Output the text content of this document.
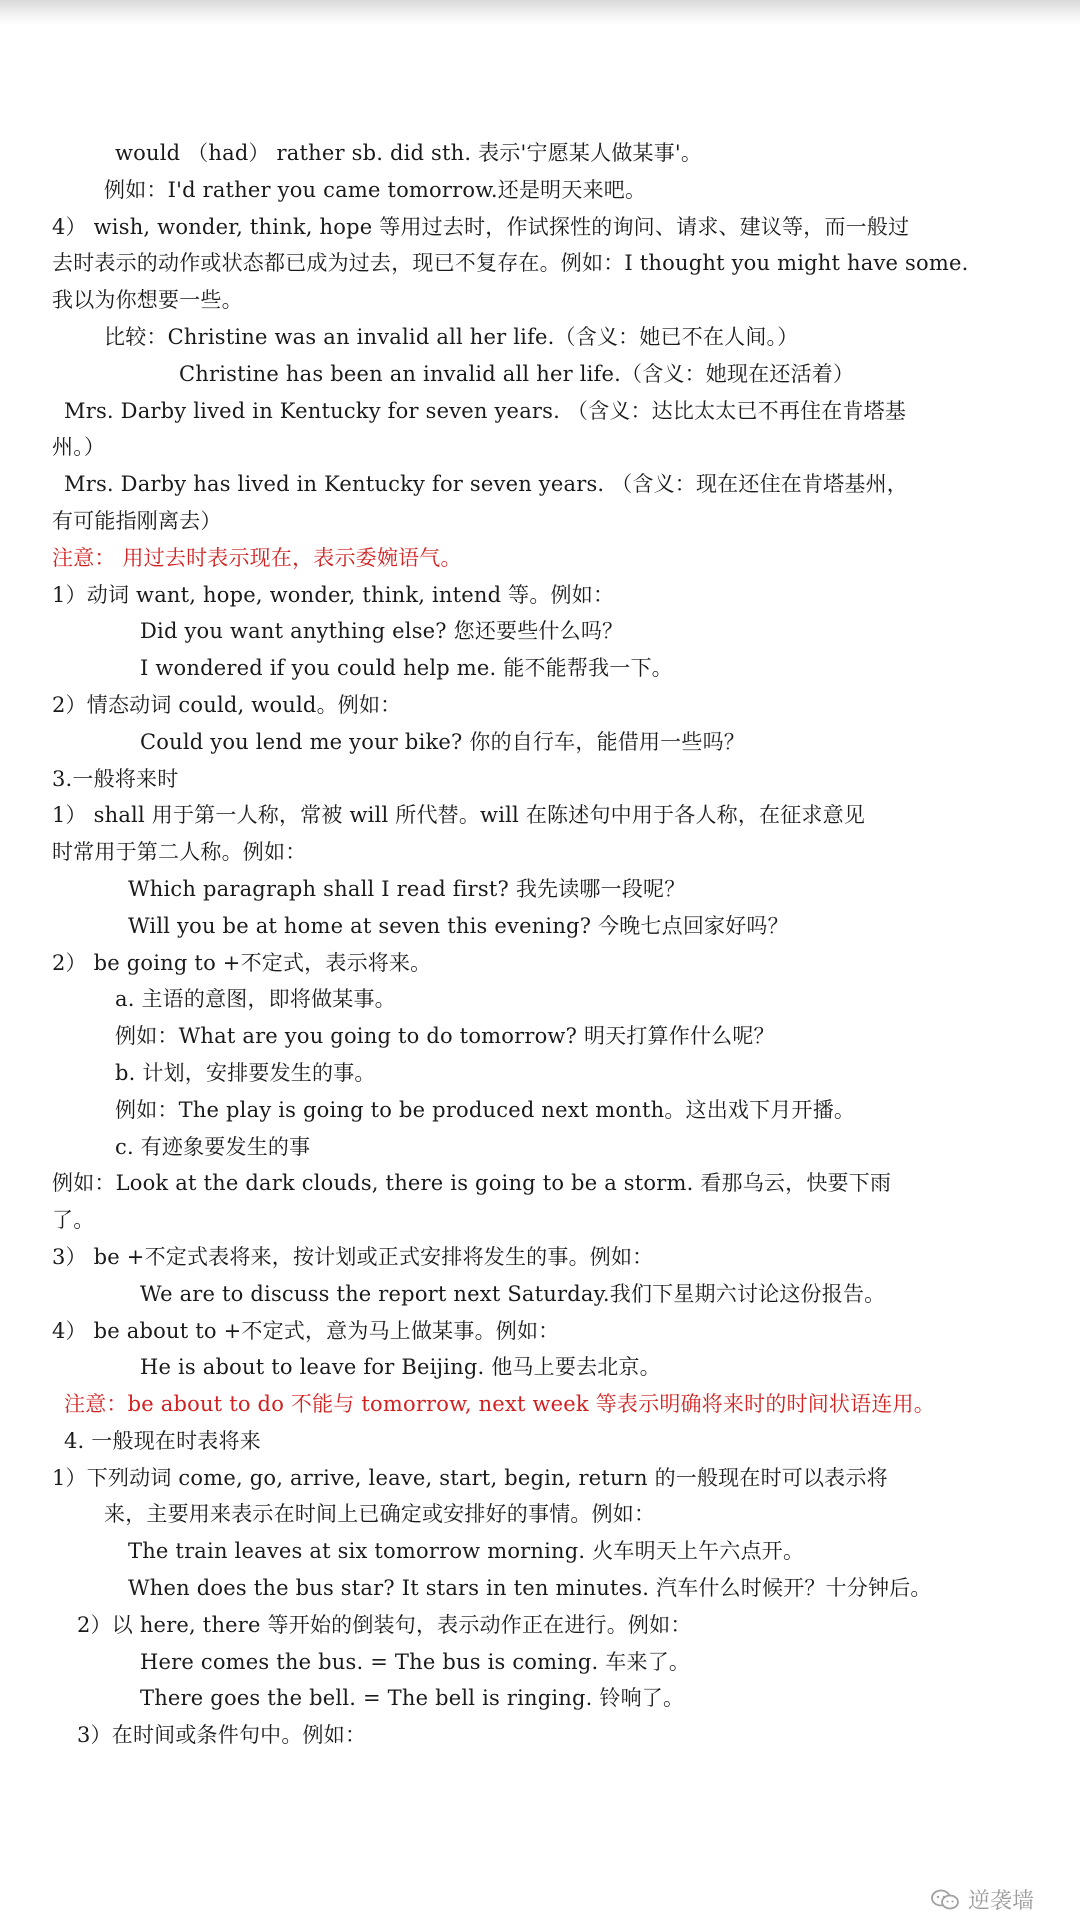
would （had） rather sb. did sth. 表示'宁愿某人做某事'。
例如：I'd rather you came tomorrow.还是明天来吧。
4） wish, wonder, think, hope 等用过去时，作试探性的询问、请求、建议等，而一般过
去时表示的动作或状态都已成为过去，现已不复存在。例如：I thought you might have some.
我以为你想要一些。
比较：Christine was an invalid all her life.（含义：她已不在人间。）
Christine has been an invalid all her life.（含义：她现在还活着）
Mrs. Darby lived in Kentucky for seven years. （含义：达比太太已不再住在肯塔基
州。）
Mrs. Darby has lived in Kentucky for seven years. （含义：现在还住在肯塔基州，
有可能指刚离去）
注意： 用过去时表示现在，表示委婉语气。
1）动词 want, hope, wonder, think, intend 等。例如：
Did you want anything else? 您还要些什么吗？
I wondered if you could help me. 能不能帮我一下。
2）情态动词 could, would。例如：
Could you lend me your bike? 你的自行车，能借用一些吗？
3.一般将来时
1） shall 用于第一人称，常被 will 所代替。will 在陈述句中用于各人称，在征求意见
时常用于第二人称。例如：
Which paragraph shall I read first? 我先读哪一段呢？
Will you be at home at seven this evening? 今晚七点回家好吗？
2） be going to +不定式，表示将来。
a. 主语的意图，即将做某事。
例如：What are you going to do tomorrow? 明天打算作什么呢？
b. 计划，安排要发生的事。
例如：The play is going to be produced next month。这出戏下月开播。
c. 有迹象要发生的事
例如：Look at the dark clouds, there is going to be a storm. 看那乌云，快要下雨
了。
3） be +不定式表将来，按计划或正式安排将发生的事。例如：
We are to discuss the report next Saturday.我们下星期六讨论这份报告。
4） be about to +不定式，意为马上做某事。例如：
He is about to leave for Beijing. 他马上要去北京。
注意：be about to do 不能与 tomorrow, next week 等表示明确将来时的时间状语连用。
4. 一般现在时表将来
1）下列动词 come, go, arrive, leave, start, begin, return 的一般现在时可以表示将
来，主要用来表示在时间上已确定或安排好的事情。例如：
The train leaves at six tomorrow morning. 火车明天上午六点开。
When does the bus star? It stars in ten minutes. 汽车什么时候开？十分钟后。
2）以 here, there 等开始的倒装句，表示动作正在进行。例如：
Here comes the bus. = The bus is coming. 车来了。
There goes the bell. = The bell is ringing. 铃响了。
3）在时间或条件句中。例如：
逆袭墙
